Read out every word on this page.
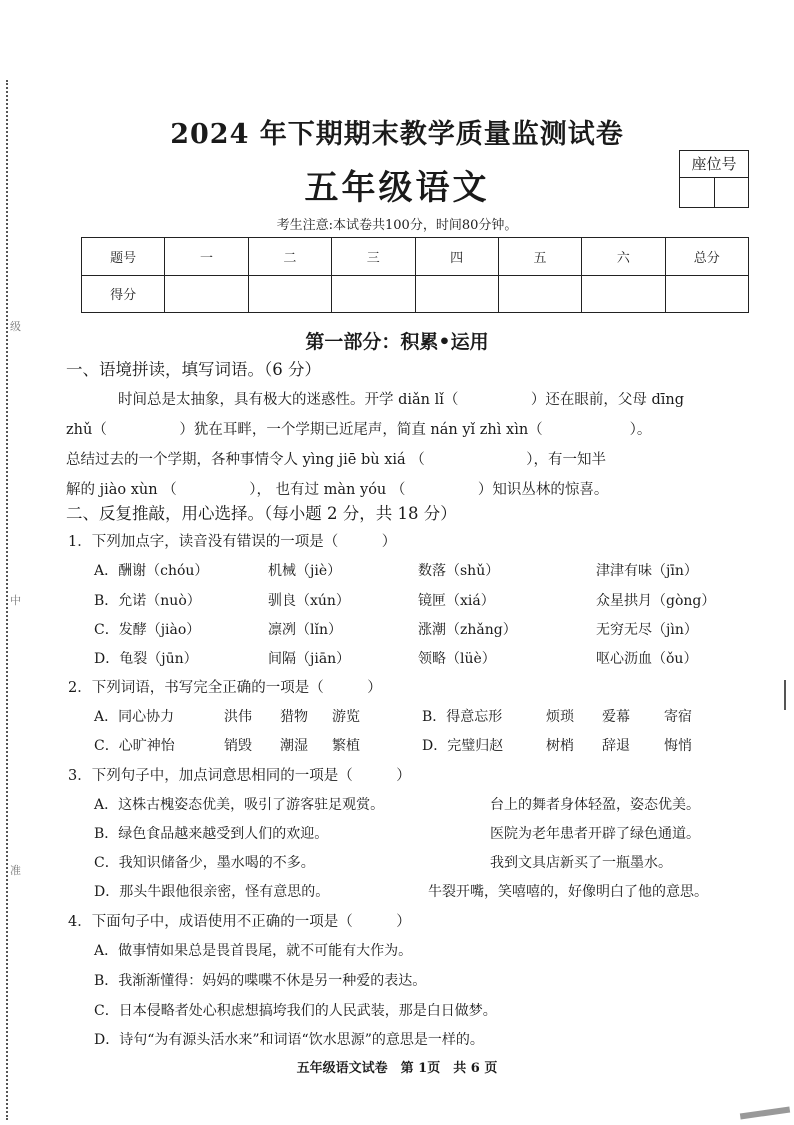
级
中
准
2024 年下期期末教学质量监测试卷
五年级语文
座位号
考生注意:本试卷共100分，时间80分钟。
题号	一	二	三	四	五	六	总分
得分							
第一部分：积累•运用
一、语境拼读，填写词语。（6 分）
时间总是太抽象，具有极大的迷惑性。开学 diǎn lǐ（　　　　　）还在眼前，父母 dīng
zhǔ（　　　　　）犹在耳畔，一个学期已近尾声，简直 nán yǐ zhì xìn（　　　　　　）。
总结过去的一个学期，各种事情令人 yìng jiē bù xiá （　　　　　　　），有一知半
解的 jiào xùn （　　　　　）， 也有过 màn yóu （　　　　　）知识丛林的惊喜。
二、反复推敲，用心选择。（每小题 2 分，共 18 分）
1．下列加点字，读音没有错误的一项是（　　　）
A．酬谢（chóu）	机械（jiè）	数落（shǔ）	津津有味（jīn）
B．允诺（nuò）	驯良（xún）	镜匣（xiá）	众星拱月（gòng）
C．发酵（jiào）	凛冽（lǐn）	涨潮（zhǎng）	无穷无尽（jìn）
D．龟裂（jūn）	间隔（jiān）	领略（lüè）	呕心沥血（ǒu）
2．下列词语，书写完全正确的一项是（　　　）
A．同心协力	洪伟 猎物 游览	B．得意忘形	烦琐 爱幕 寄宿
C．心旷神怡	销毁 潮湿 繁植	D．完璧归赵	树梢 辞退 悔悄
3．下列句子中，加点词意思相同的一项是（　　　）
A．这株古槐姿态优美，吸引了游客驻足观赏。	台上的舞者身体轻盈，姿态优美。
B．绿色食品越来越受到人们的欢迎。	医院为老年患者开辟了绿色通道。
C．我知识储备少，墨水喝的不多。	我到文具店新买了一瓶墨水。
D．那头牛跟他很亲密，怪有意思的。	牛裂开嘴，笑嘻嘻的，好像明白了他的意思。
4．下面句子中，成语使用不正确的一项是（　　　）
A．做事情如果总是畏首畏尾，就不可能有大作为。
B．我渐渐懂得：妈妈的喋喋不休是另一种爱的表达。
C．日本侵略者处心积虑想搞垮我们的人民武装，那是白日做梦。
D．诗句“为有源头活水来”和词语“饮水思源”的意思是一样的。
五年级语文试卷　第 1页　共 6 页
